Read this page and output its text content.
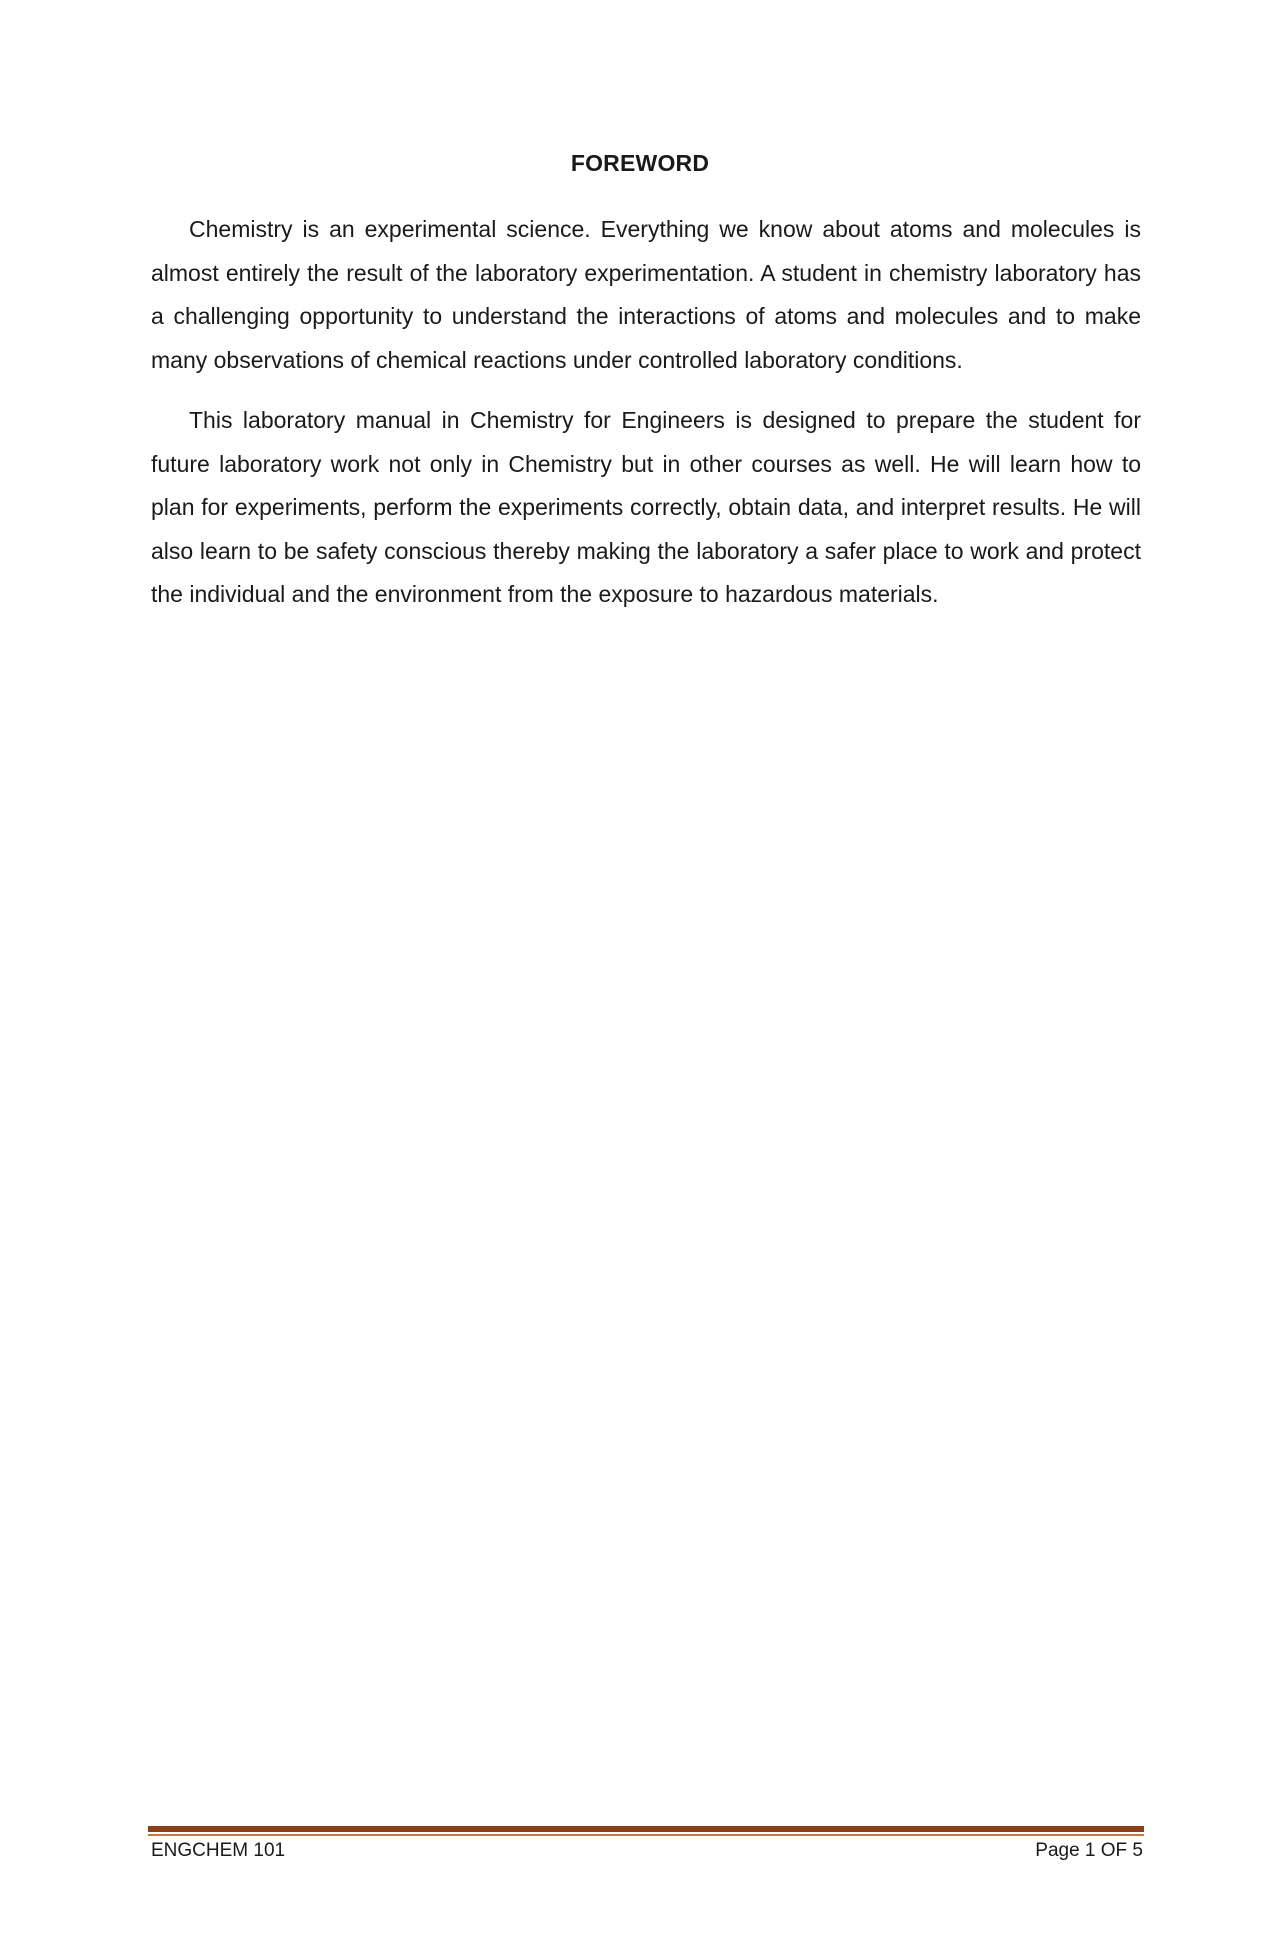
FOREWORD

Chemistry is an experimental science. Everything we know about atoms and molecules is almost entirely the result of the laboratory experimentation. A student in chemistry laboratory has a challenging opportunity to understand the interactions of atoms and molecules and to make many observations of chemical reactions under controlled laboratory conditions.

This laboratory manual in Chemistry for Engineers is designed to prepare the student for future laboratory work not only in Chemistry but in other courses as well. He will learn how to plan for experiments, perform the experiments correctly, obtain data, and interpret results. He will also learn to be safety conscious thereby making the laboratory a safer place to work and protect the individual and the environment from the exposure to hazardous materials.

ENGCHEM 101	Page 1 OF 5
